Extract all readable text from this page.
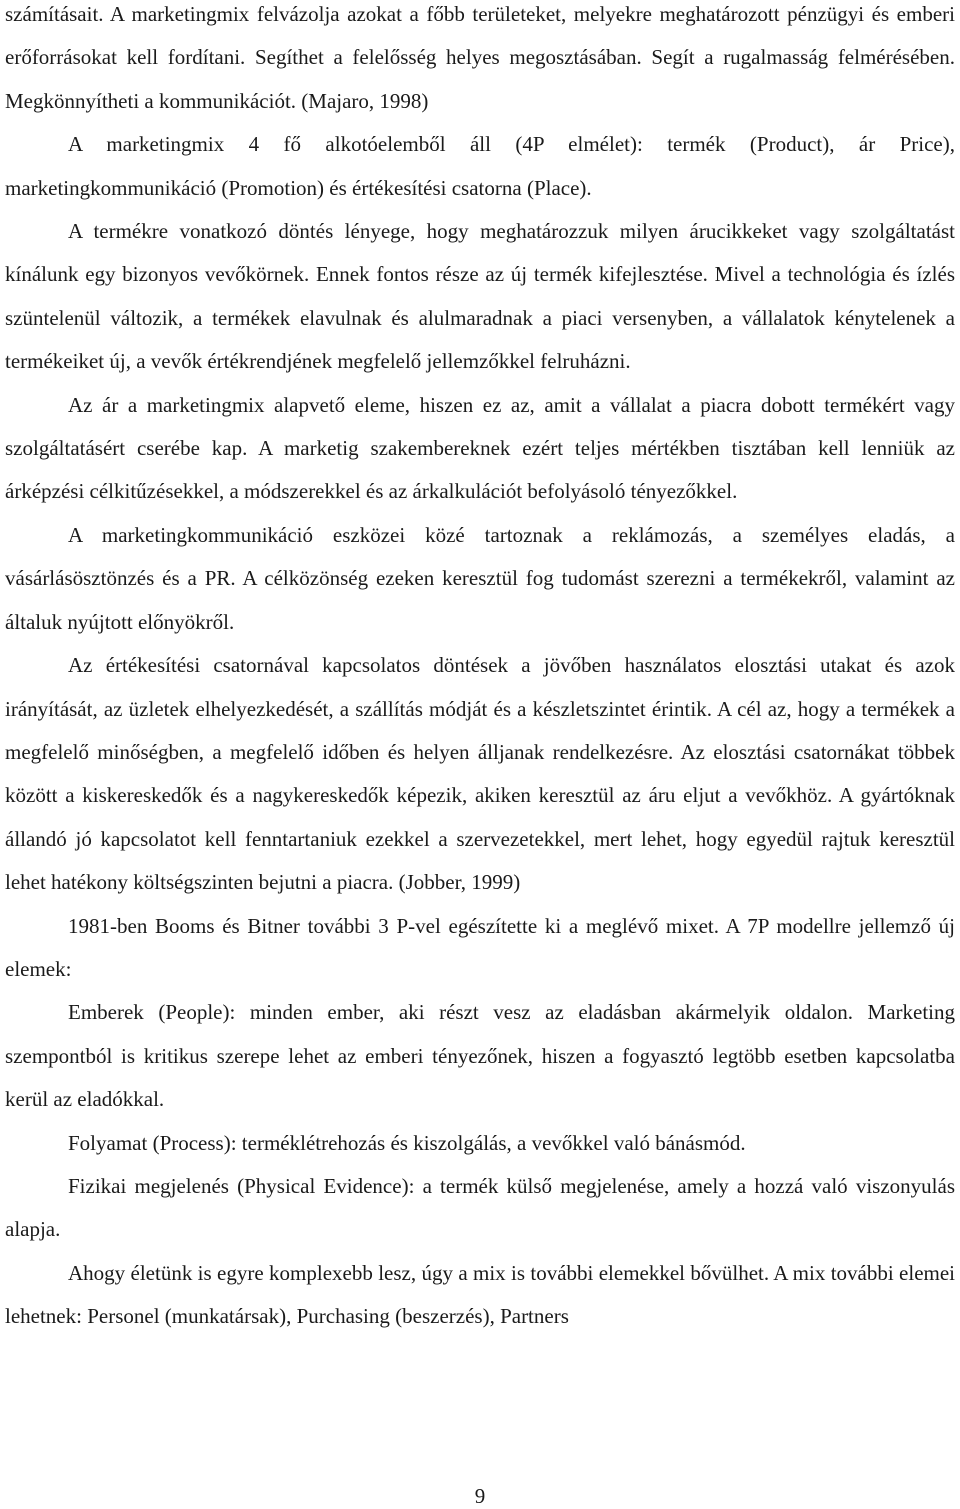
számításait. A marketingmix felvázolja azokat a főbb területeket, melyekre meghatározott pénzügyi és emberi erőforrásokat kell fordítani. Segíthet a felelősség helyes megosztásában. Segít a rugalmasság felmérésében. Megkönnyítheti a kommunikációt. (Majaro, 1998)

A marketingmix 4 fő alkotóelemből áll (4P elmélet): termék (Product), ár Price), marketingkommunikáció (Promotion) és értékesítési csatorna (Place).

A termékre vonatkozó döntés lényege, hogy meghatározzuk milyen árucikkeket vagy szolgáltatást kínálunk egy bizonyos vevőkörnek. Ennek fontos része az új termék kifejlesztése. Mivel a technológia és ízlés szüntelenül változik, a termékek elavulnak és alulmaradnak a piaci versenyben, a vállalatok kénytelenek a termékeiket új, a vevők értékrendjének megfelelő jellemzőkkel felruházni.

Az ár a marketingmix alapvető eleme, hiszen ez az, amit a vállalat a piacra dobott termékért vagy szolgáltatásért cserébe kap. A marketig szakembereknek ezért teljes mértékben tisztában kell lenniük az árképzési célkitűzésekkel, a módszerekkel és az árkalkulációt befolyásoló tényezőkkel.

A marketingkommunikáció eszközei közé tartoznak a reklámozás, a személyes eladás, a vásárlásösztönzés és a PR. A célközönség ezeken keresztül fog tudomást szerezni a termékekről, valamint az általuk nyújtott előnyökről.

Az értékesítési csatornával kapcsolatos döntések a jövőben használatos elosztási utakat és azok irányítását, az üzletek elhelyezkedését, a szállítás módját és a készletszintet érintik. A cél az, hogy a termékek a megfelelő minőségben, a megfelelő időben és helyen álljanak rendelkezésre. Az elosztási csatornákat többek között a kiskereskedők és a nagykereskedők képezik, akiken keresztül az áru eljut a vevőkhöz. A gyártóknak állandó jó kapcsolatot kell fenntartaniuk ezekkel a szervezetekkel, mert lehet, hogy egyedül rajtuk keresztül lehet hatékony költségszinten bejutni a piacra. (Jobber, 1999)

1981-ben Booms és Bitner további 3 P-vel egészítette ki a meglévő mixet. A 7P modellre jellemző új elemek:

Emberek (People): minden ember, aki részt vesz az eladásban akármelyik oldalon. Marketing szempontból is kritikus szerepe lehet az emberi tényezőnek, hiszen a fogyasztó legtöbb esetben kapcsolatba kerül az eladókkal.

Folyamat (Process): terméklétrehozás és kiszolgálás, a vevőkkel való bánásmód.

Fizikai megjelenés (Physical Evidence): a termék külső megjelenése, amely a hozzá való viszonyulás alapja.

Ahogy életünk is egyre komplexebb lesz, úgy a mix is további elemekkel bővülhet. A mix további elemei lehetnek: Personel (munkatársak), Purchasing (beszerzés), Partners

9
